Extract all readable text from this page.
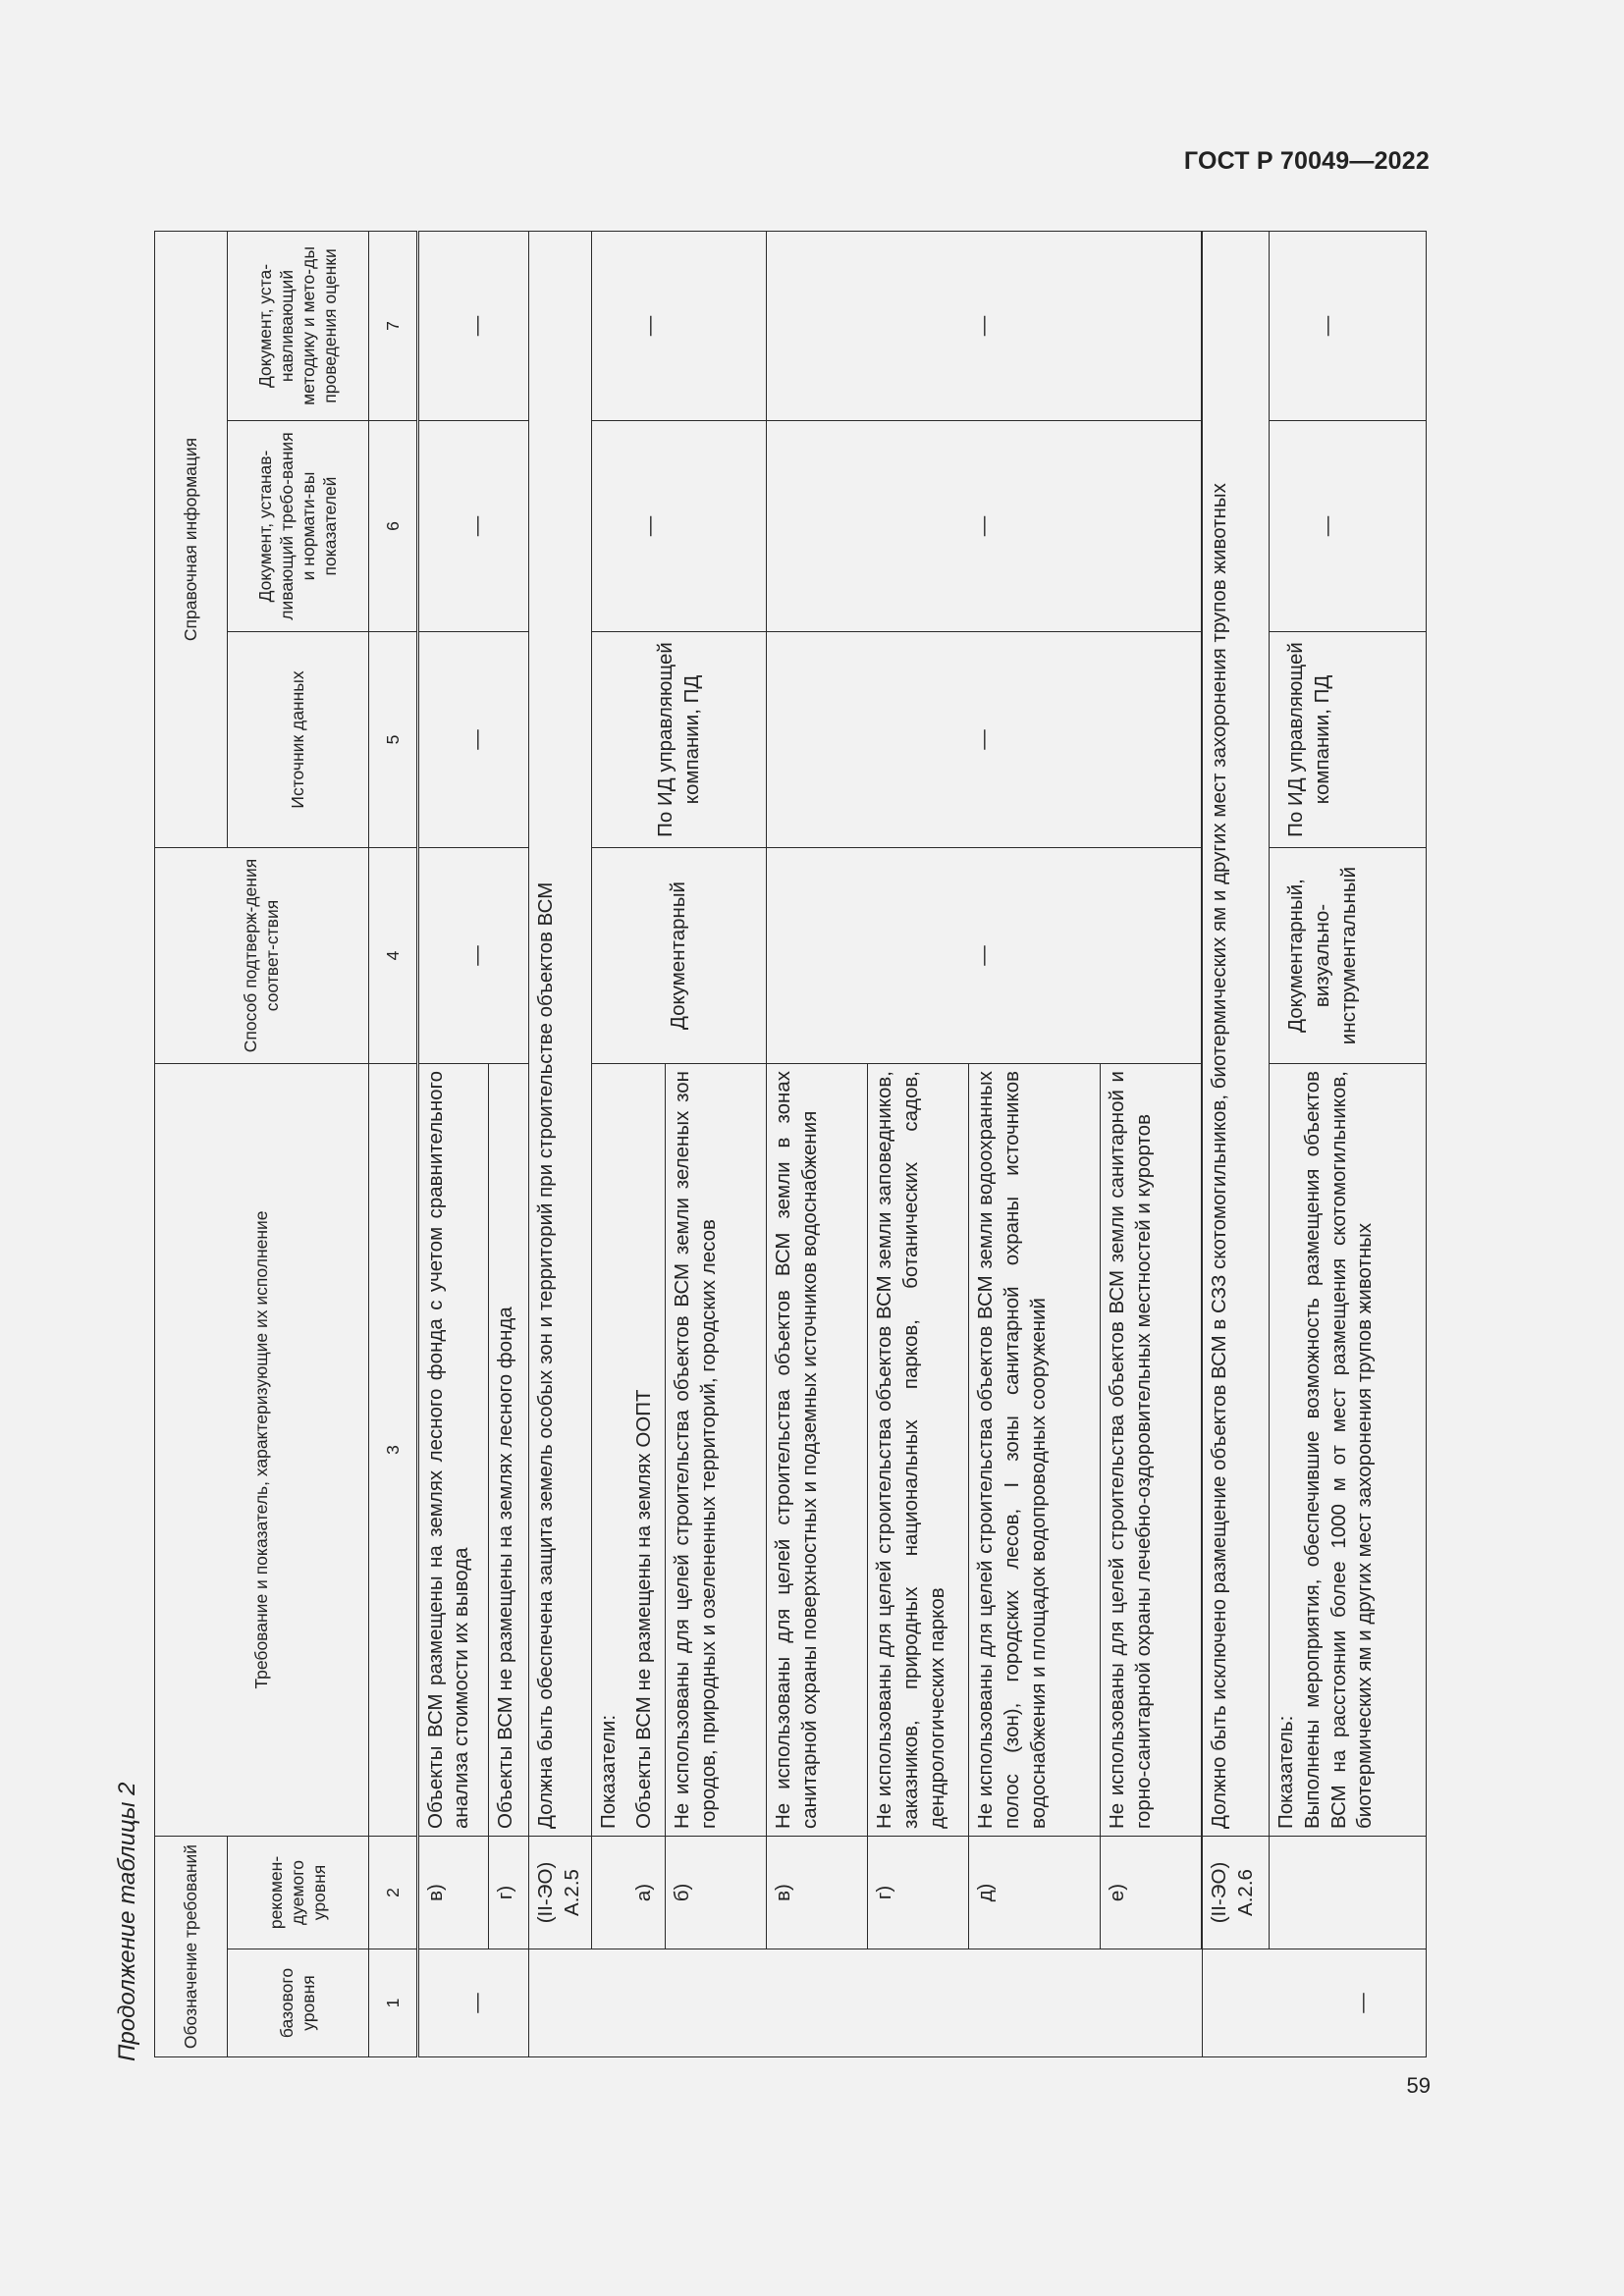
ГОСТ Р 70049—2022
59
Продолжение таблицы 2 Обозначение требований		Требование и показатель, характеризующие их исполнение	Способ подтверж-дения соответ-ствия	Справочная информация		
базового уровня	рекомен-дуемого уровня			Источник данных	Документ, устанав-ливающий требо-вания и нормати-вы показателей	Документ, уста-навливающий методику и мето-ды проведения оценки
1	2	3	4	5	6	7
—	в)	Объекты ВСМ размещены на землях лесного фонда с учетом сравнительного анализа стоимости их вывода	—	—	—	—
	г)	Объекты ВСМ не размещены на землях лесного фонда				
	(II-ЭО) А.2.5	Должна быть обеспечена защита земель особых зон и территорий при строительстве объектов ВСМ				
		Показатели:	Документарный	По ИД управляющей компании, ПД	—	—
	а)	Объекты ВСМ не размещены на землях ООПТ				
	б)	Не использованы для целей строительства объектов ВСМ земли зеленых зон городов, природных и озелененных территорий, городских лесов				
	в)	Не использованы для целей строительства объектов ВСМ земли в зонах санитарной охраны поверхностных и подземных источников водоснабжения	—	—	—	—
	г)	Не использованы для целей строительства объектов ВСМ земли заповедников, заказников, природных национальных парков, ботанических садов, дендрологических парков				
	д)	Не использованы для целей строительства объектов ВСМ земли водоохранных полос (зон), городских лесов, I зоны санитарной охраны источников водоснабжения и площадок водопроводных сооружений				
	е)	Не использованы для целей строительства объектов ВСМ земли санитарной и горно-санитарной охраны лечебно-оздоровительных местностей и курортов				

—	(II-ЭО) А.2.6	Должно быть исключено размещение объектов ВСМ в СЗЗ скотомогильников, биотермических ям и других мест захоронения трупов животных				

		Показатель: Выполнены мероприятия, обеспечившие возможность размещения объектов ВСМ на расстоянии более 1000 м от мест размещения скотомогильников, биотермических ям и других мест захоронения трупов животных	Документарный, визуально-инструментальный	По ИД управляющей компании, ПД	—	—
